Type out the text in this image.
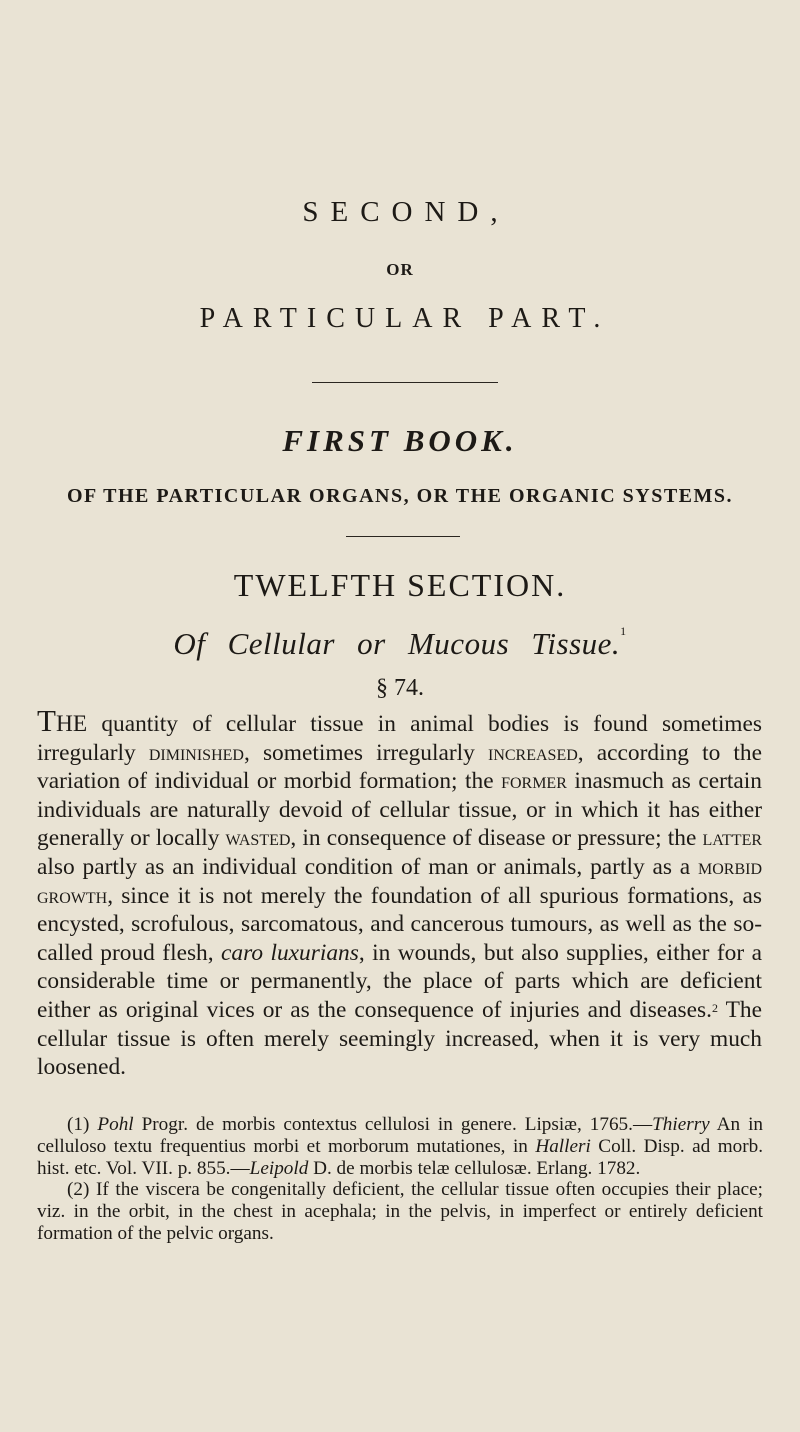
SECOND,
OR
PARTICULAR PART.
FIRST BOOK.
OF THE PARTICULAR ORGANS, OR THE ORGANIC SYSTEMS.
TWELFTH SECTION.
Of Cellular or Mucous Tissue.$^1$
§ 74.

THE quantity of cellular tissue in animal bodies is found sometimes irregularly diminished, sometimes irregularly increased, according to the variation of individual or morbid formation; the former inasmuch as certain individuals are naturally devoid of cellular tissue, or in which it has either generally or locally wasted, in consequence of disease or pressure; the latter also partly as an individual condition of man or animals, partly as a morbid growth, since it is not merely the foundation of all spurious formations, as encysted, scrofulous, sarcomatous, and cancerous tumours, as well as the so-called proud flesh, caro luxurians, in wounds, but also supplies, either for a considerable time or permanently, the place of parts which are deficient either as original vices or as the consequence of injuries and diseases.$^2$ The cellular tissue is often merely seemingly increased, when it is very much loosened.

(1) Pohl Progr. de morbis contextus cellulosi in genere. Lipsiæ, 1765.—Thierry An in celluloso textu frequentius morbi et morborum mutationes, in Halleri Coll. Disp. ad morb. hist. etc. Vol. VII. p. 855.—Leipold D. de morbis telæ cellulosæ. Erlang. 1782.

(2) If the viscera be congenitally deficient, the cellular tissue often occupies their place; viz. in the orbit, in the chest in acephala; in the pelvis, in imperfect or entirely deficient formation of the pelvic organs.
